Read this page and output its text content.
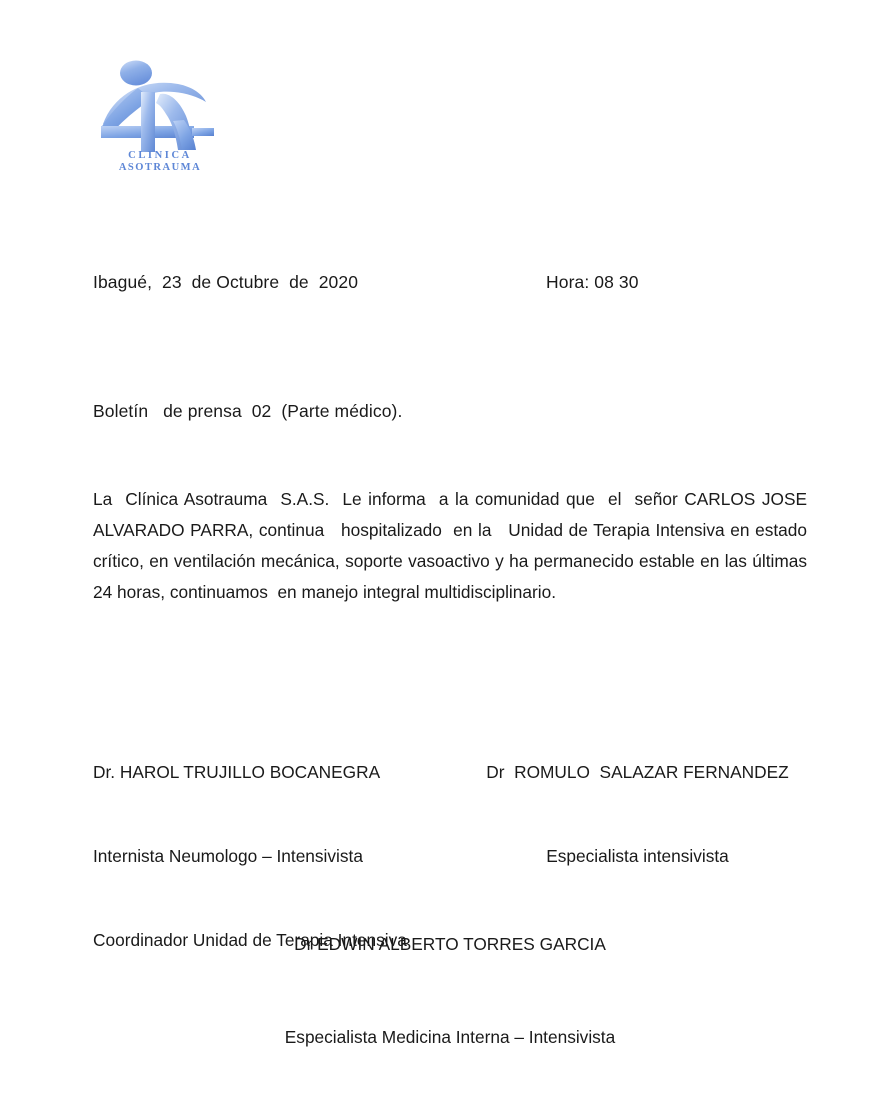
CLINICA
ASOTRAUMA
Ibagué,  23  de Octubre  de  2020	Hora: 08 30
Boletín   de prensa  02  (Parte médico).
La  Clínica Asotrauma  S.A.S.  Le informa  a la comunidad que  el  señor CARLOS JOSE ALVARADO PARRA, continua   hospitalizado  en la   Unidad de Terapia Intensiva en estado crítico, en ventilación mecánica, soporte vasoactivo y ha permanecido estable en las últimas 24 horas, continuamos  en manejo integral multidisciplinario.

Dr. HAROL TRUJILLO BOCANEGRA

Internista Neumologo – Intensivista

Coordinador Unidad de Terapia Intensiva

Dr  ROMULO  SALAZAR FERNANDEZ

Especialista intensivista

Dr EDWIN ALBERTO TORRES GARCIA

Especialista Medicina Interna – Intensivista
